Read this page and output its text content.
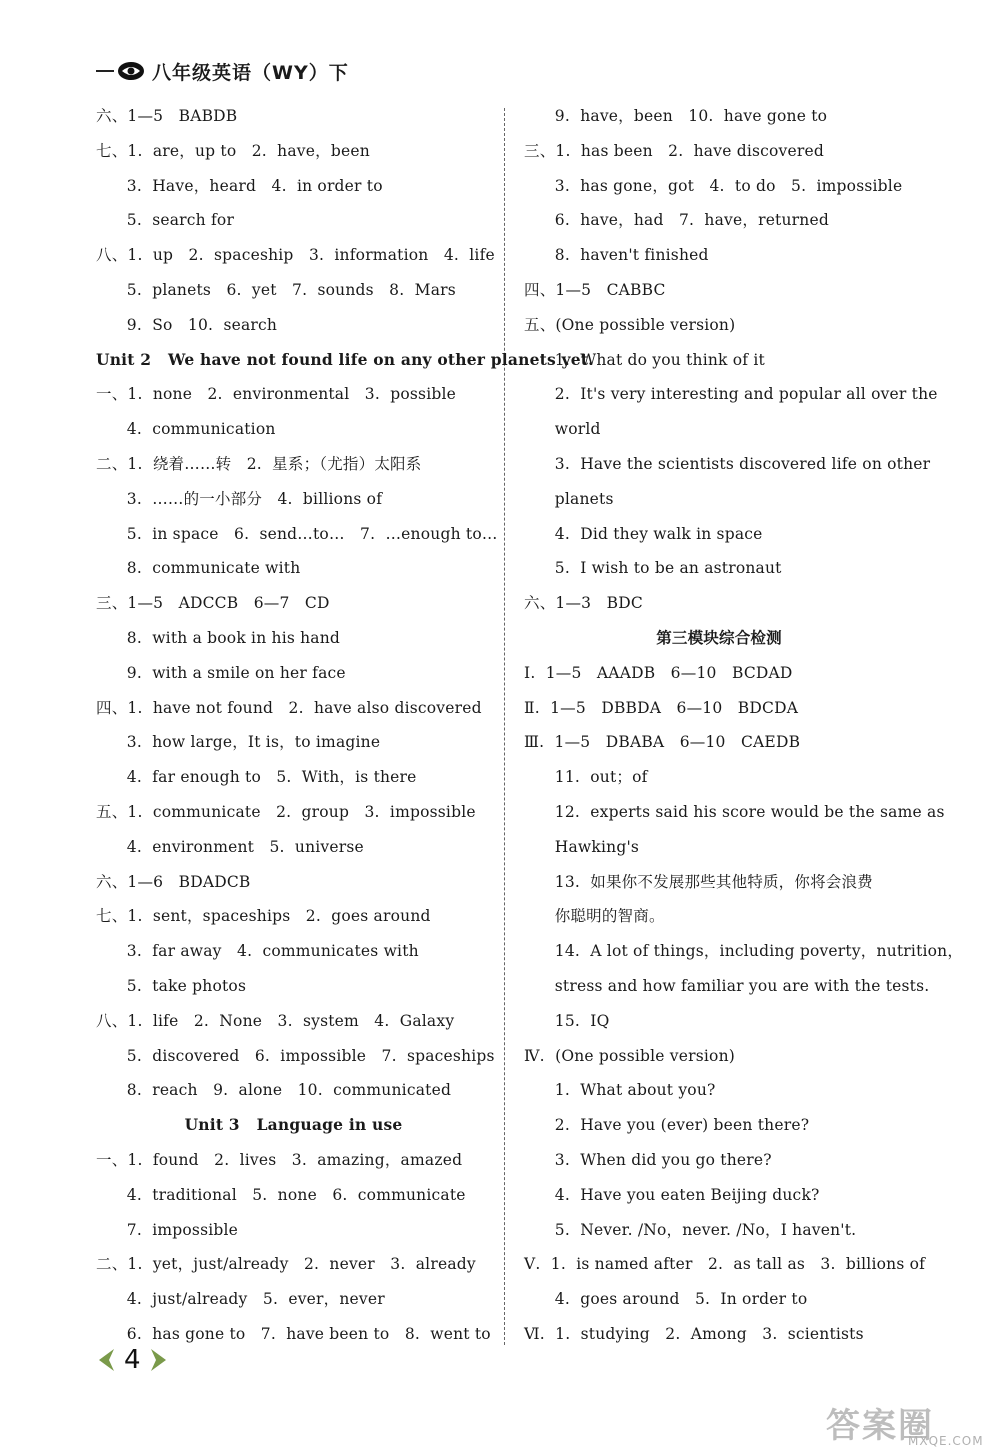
八年级英语（WY）下
六、1—5   BABDB
七、1.  are，up to   2.  have，been
3.  Have，heard   4.  in order to
5.  search for
八、1.  up   2.  spaceship   3.  information   4.  life
5.  planets   6.  yet   7.  sounds   8.  Mars
9.  So   10.  search
Unit 2   We have not found life on any other planets yet.
一、1.  none   2.  environmental   3.  possible
4.  communication
二、1.  绕着……转   2.  星系；（尤指）太阳系
3.  ……的一小部分   4.  billions of
5.  in space   6.  send…to…   7.  …enough to…
8.  communicate with
三、1—5   ADCCB   6—7   CD
8.  with a book in his hand
9.  with a smile on her face
四、1.  have not found   2.  have also discovered
3.  how large，It is，to imagine
4.  far enough to   5.  With，is there
五、1.  communicate   2.  group   3.  impossible
4.  environment   5.  universe
六、1—6   BDADCB
七、1.  sent，spaceships   2.  goes around
3.  far away   4.  communicates with
5.  take photos
八、1.  life   2.  None   3.  system   4.  Galaxy
5.  discovered   6.  impossible   7.  spaceships
8.  reach   9.  alone   10.  communicated
Unit 3   Language in use
一、1.  found   2.  lives   3.  amazing，amazed
4.  traditional   5.  none   6.  communicate
7.  impossible
二、1.  yet，just/already   2.  never   3.  already
4.  just/already   5.  ever，never
6.  has gone to   7.  have been to   8.  went to
9.  have，been   10.  have gone to
三、1.  has been   2.  have discovered
3.  has gone，got   4.  to do   5.  impossible
6.  have，had   7.  have，returned
8.  haven't finished
四、1—5   CABBC
五、(One possible version)
1.  What do you think of it
2.  It's very interesting and popular all over the
world
3.  Have the scientists discovered life on other
planets
4.  Did they walk in space
5.  I wish to be an astronaut
六、1—3   BDC
第三模块综合检测
Ⅰ.  1—5   AAADB   6—10   BCDAD
Ⅱ.  1—5   DBBDA   6—10   BDCDA
Ⅲ.  1—5   DBABA   6—10   CAEDB
11.  out；of
12.  experts said his score would be the same as
Hawking's
13.  如果你不发展那些其他特质，你将会浪费
你聪明的智商。
14.  A lot of things，including poverty，nutrition，
stress and how familiar you are with the tests.
15.  IQ
Ⅳ.  (One possible version)
1.  What about you?
2.  Have you (ever) been there?
3.  When did you go there?
4.  Have you eaten Beijing duck?
5.  Never. /No，never. /No，I haven't.
Ⅴ.  1.  is named after   2.  as tall as   3.  billions of
4.  goes around   5.  In order to
Ⅵ.  1.  studying   2.  Among   3.  scientists
4
答案圈
MXQE.COM
